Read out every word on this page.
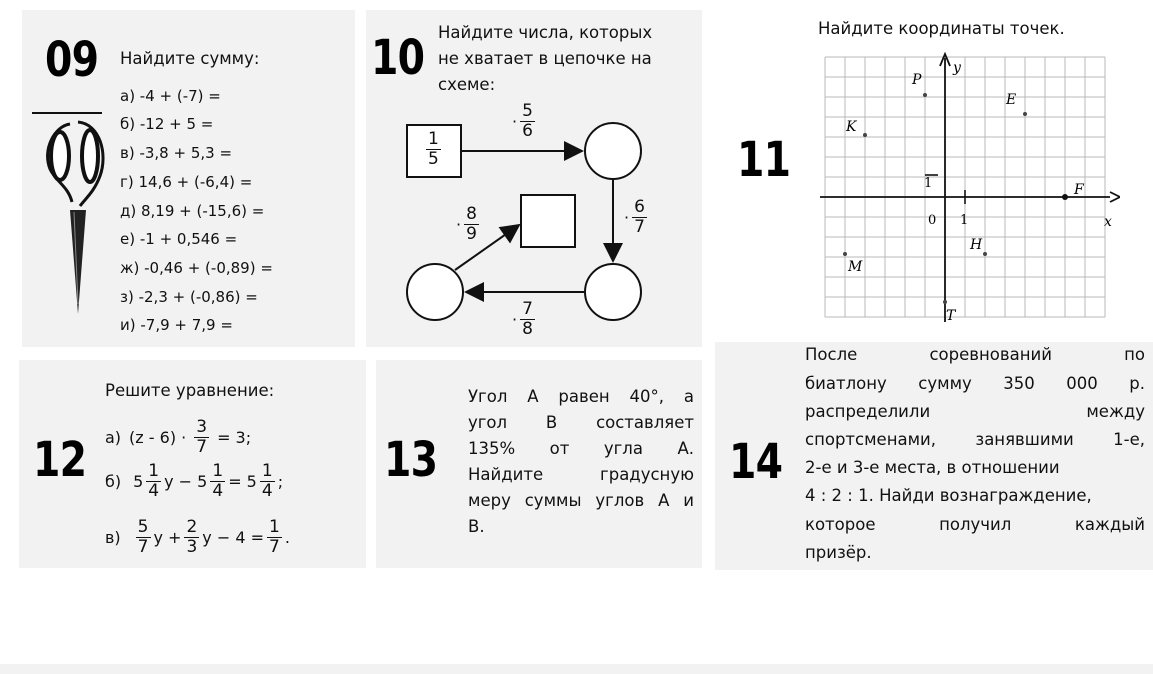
09 Найдите сумму:
а) -4 + (-7) =
б) -12 + 5 =
в) -3,8 + 5,3 =
г) 14,6 + (-6,4) =
д) 8,19 + (-15,6) =
е) -1 + 0,546 =
ж) -0,46 + (-0,89) =
з) -2,3 + (-0,86) =
и) -7,9 + 7,9 =
10 Найдите числа, которых
не хватает в цепочке на
схеме:
$\frac{1}{5}$
· $\frac{5}{6}$
· $\frac{6}{7}$
· $\frac{7}{8}$
· $\frac{8}{9}$
11
Найдите координаты точек.
y
x
0 1
1
P
E
K
F
H
M
T
12
Решите уравнение:
а) $(z - 6) \cdot \frac{3}{7} = 3$;
б) $5 \frac{1}{4}$ $y - 5 \frac{1}{4} = 5 \frac{1}{4}$ ;
$в) \frac{5}{7}$ $y + \frac{2}{3}$ $y - 4 = \frac{1}{7}$ .
13
Угол А равен 40°, а
угол В составляет
135% от угла А.
Найдите градусную
меру суммы углов А и
В.
14
После соревнований по
биатлону сумму 350 000 р.
распределили между
спортсменами, занявшими 1-е,
2-е и 3-е места, в отношении
4 : 2 : 1. Найди вознаграждение,
которое получил каждый
призёр.
